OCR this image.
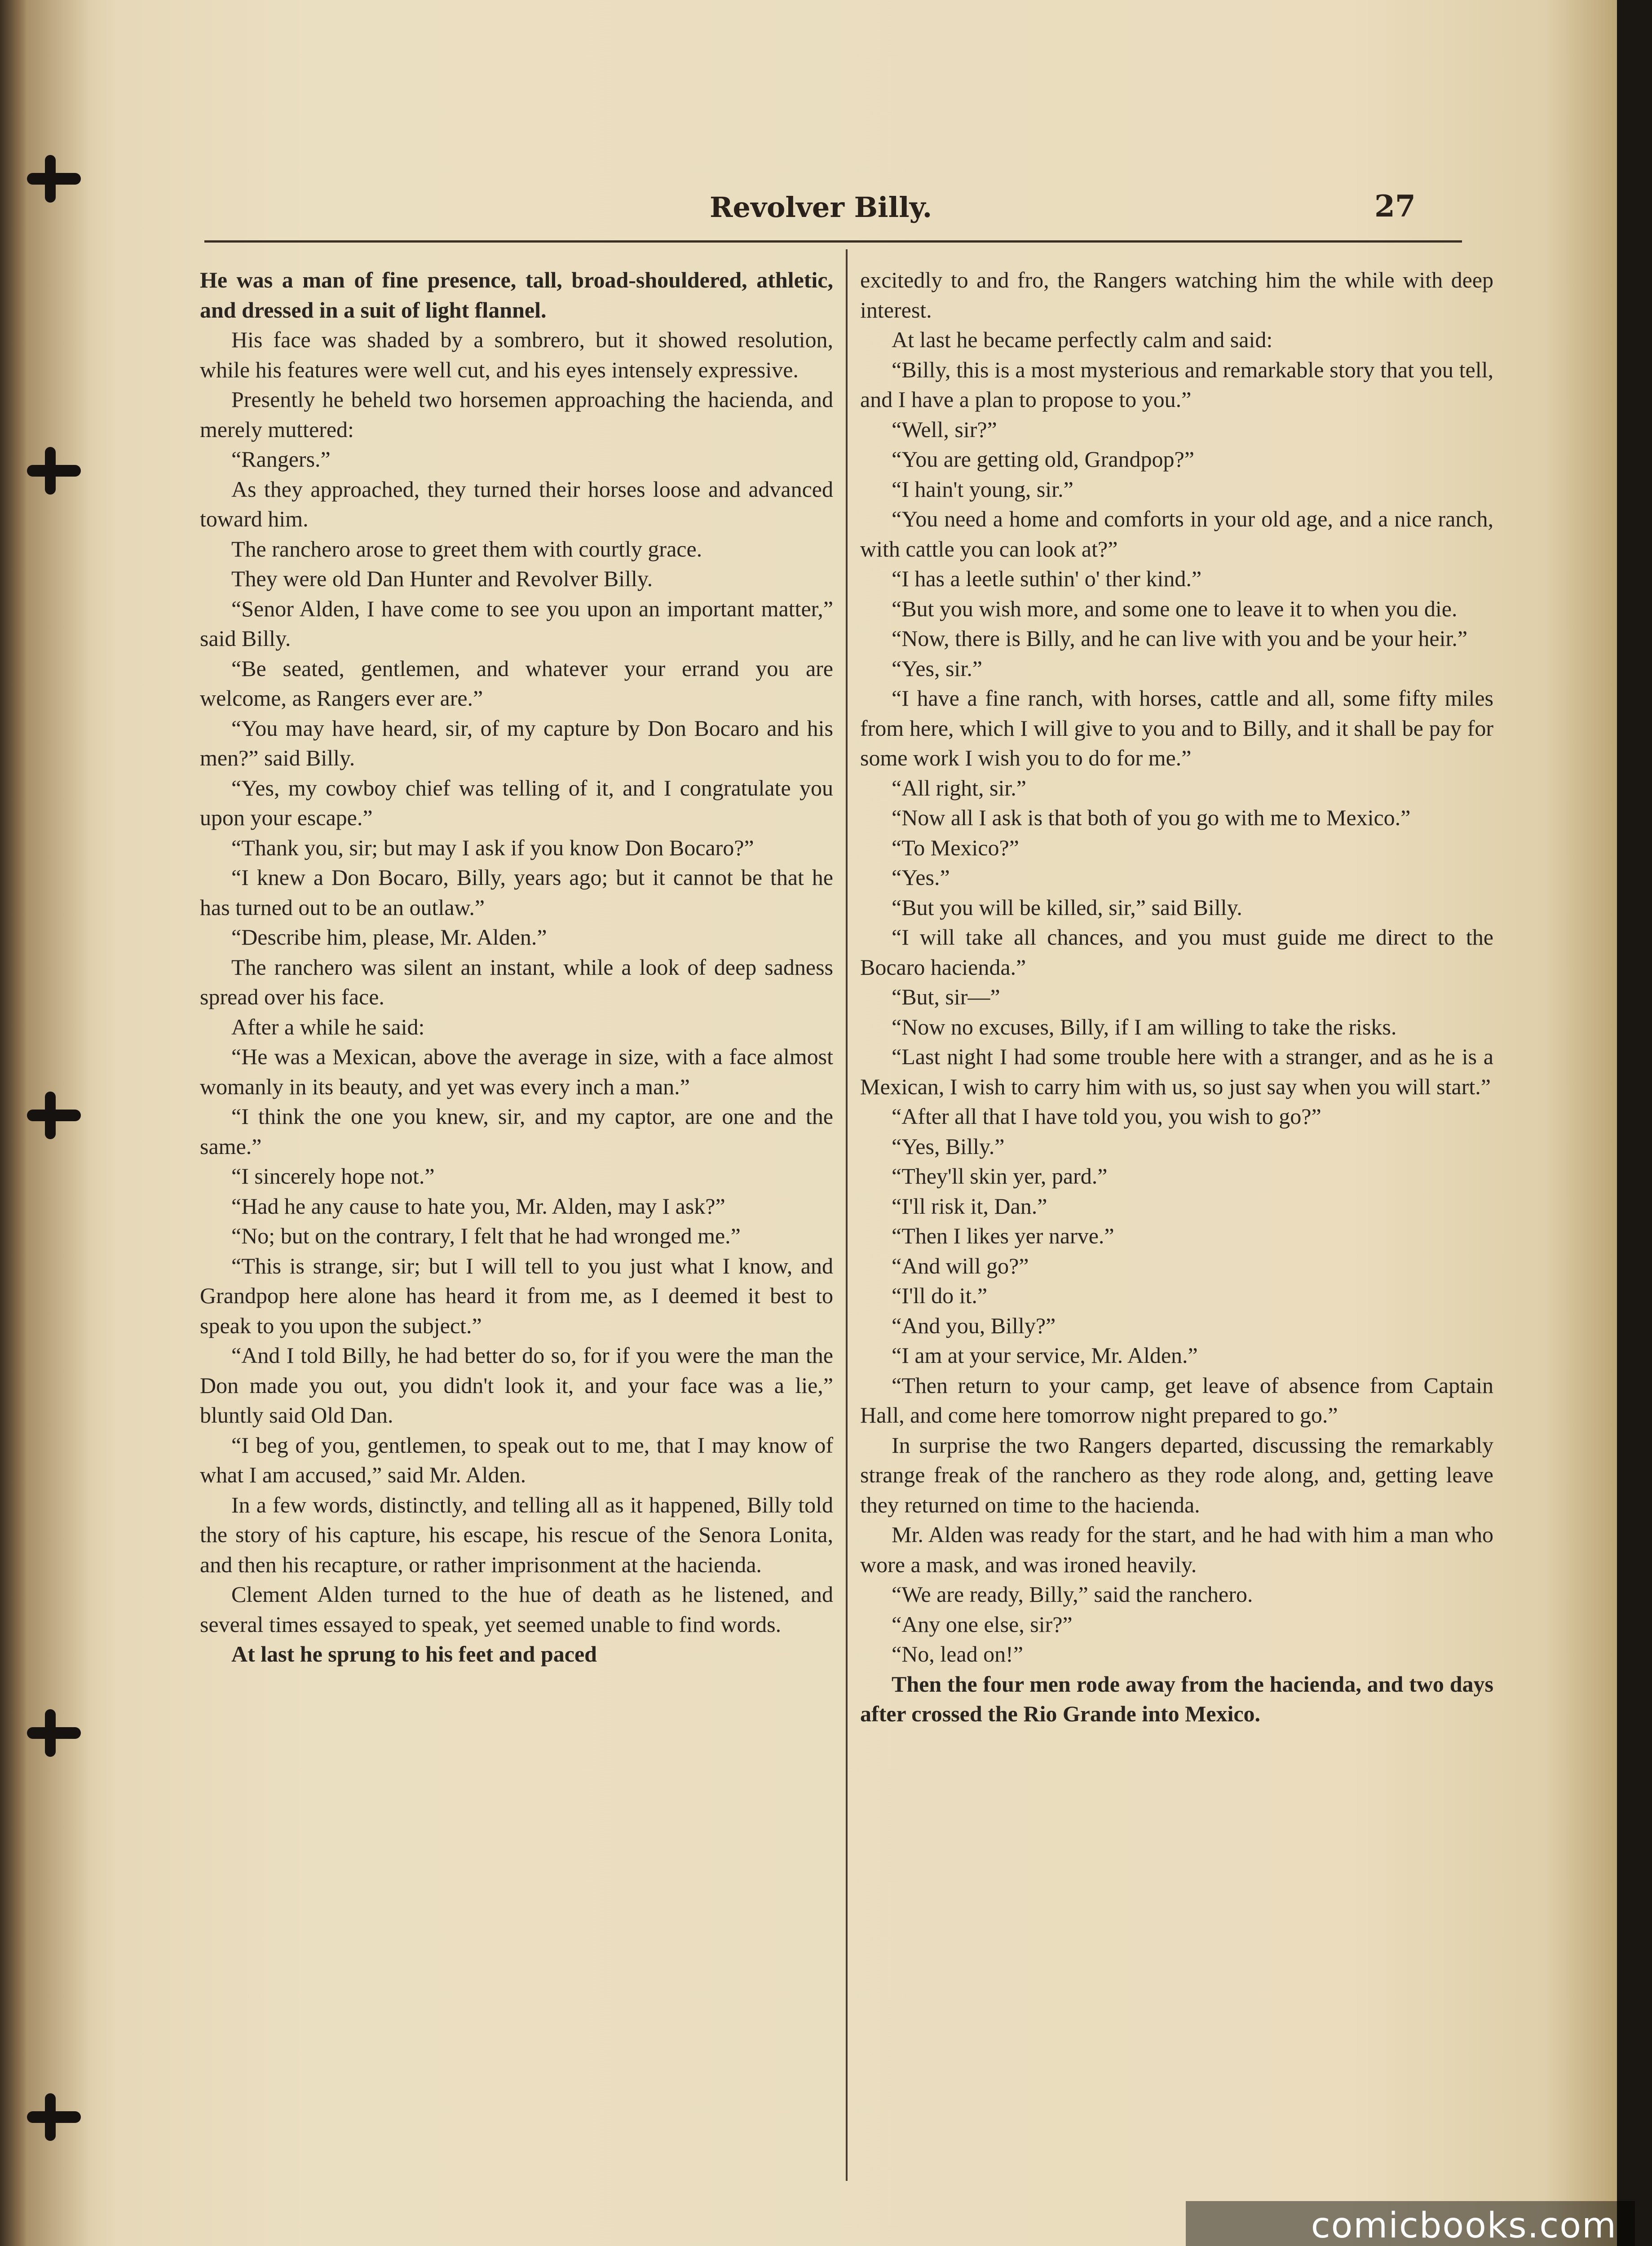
Revolver Billy.	27

He was a man of fine presence, tall, broad-shouldered, athletic, and dressed in a suit of light flannel.

His face was shaded by a sombrero, but it showed resolution, while his features were well cut, and his eyes intensely expressive.

Presently he beheld two horsemen approaching the hacienda, and merely muttered:

“Rangers.”

As they approached, they turned their horses loose and advanced toward him.

The ranchero arose to greet them with courtly grace.

They were old Dan Hunter and Revolver Billy.

“Senor Alden, I have come to see you upon an important matter,” said Billy.

“Be seated, gentlemen, and whatever your errand you are welcome, as Rangers ever are.”

“You may have heard, sir, of my capture by Don Bocaro and his men?” said Billy.

“Yes, my cowboy chief was telling of it, and I congratulate you upon your escape.”

“Thank you, sir; but may I ask if you know Don Bocaro?”

“I knew a Don Bocaro, Billy, years ago; but it cannot be that he has turned out to be an outlaw.”

“Describe him, please, Mr. Alden.”

The ranchero was silent an instant, while a look of deep sadness spread over his face.

After a while he said:

“He was a Mexican, above the average in size, with a face almost womanly in its beauty, and yet was every inch a man.”

“I think the one you knew, sir, and my captor, are one and the same.”

“I sincerely hope not.”

“Had he any cause to hate you, Mr. Alden, may I ask?”

“No; but on the contrary, I felt that he had wronged me.”

“This is strange, sir; but I will tell to you just what I know, and Grandpop here alone has heard it from me, as I deemed it best to speak to you upon the subject.”

“And I told Billy, he had better do so, for if you were the man the Don made you out, you didn't look it, and your face was a lie,” bluntly said Old Dan.

“I beg of you, gentlemen, to speak out to me, that I may know of what I am accused,” said Mr. Alden.

In a few words, distinctly, and telling all as it happened, Billy told the story of his capture, his escape, his rescue of the Senora Lonita, and then his recapture, or rather imprisonment at the hacienda.

Clement Alden turned to the hue of death as he listened, and several times essayed to speak, yet seemed unable to find words.

At last he sprung to his feet and paced

excitedly to and fro, the Rangers watching him the while with deep interest.

At last he became perfectly calm and said:

“Billy, this is a most mysterious and remarkable story that you tell, and I have a plan to propose to you.”

“Well, sir?”

“You are getting old, Grandpop?”

“I hain't young, sir.”

“You need a home and comforts in your old age, and a nice ranch, with cattle you can look at?”

“I has a leetle suthin' o' ther kind.”

“But you wish more, and some one to leave it to when you die.

“Now, there is Billy, and he can live with you and be your heir.”

“Yes, sir.”

“I have a fine ranch, with horses, cattle and all, some fifty miles from here, which I will give to you and to Billy, and it shall be pay for some work I wish you to do for me.”

“All right, sir.”

“Now all I ask is that both of you go with me to Mexico.”

“To Mexico?”

“Yes.”

“But you will be killed, sir,” said Billy.

“I will take all chances, and you must guide me direct to the Bocaro hacienda.”

“But, sir—”

“Now no excuses, Billy, if I am willing to take the risks.

“Last night I had some trouble here with a stranger, and as he is a Mexican, I wish to carry him with us, so just say when you will start.”

“After all that I have told you, you wish to go?”

“Yes, Billy.”

“They'll skin yer, pard.”

“I'll risk it, Dan.”

“Then I likes yer narve.”

“And will go?”

“I'll do it.”

“And you, Billy?”

“I am at your service, Mr. Alden.”

“Then return to your camp, get leave of absence from Captain Hall, and come here tomorrow night prepared to go.”

In surprise the two Rangers departed, discussing the remarkably strange freak of the ranchero as they rode along, and, getting leave they returned on time to the hacienda.

Mr. Alden was ready for the start, and he had with him a man who wore a mask, and was ironed heavily.

“We are ready, Billy,” said the ranchero.

“Any one else, sir?”

“No, lead on!”

Then the four men rode away from the hacienda, and two days after crossed the Rio Grande into Mexico.

comicbooks.com
